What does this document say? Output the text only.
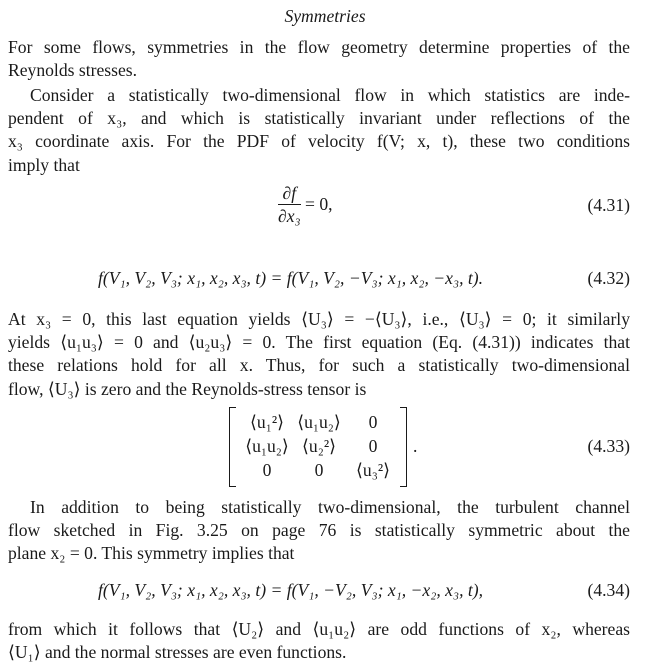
Symmetries

For some flows, symmetries in the flow geometry determine properties of the
Reynolds stresses.

Consider a statistically two-dimensional flow in which statistics are inde-
pendent of x₃, and which is statistically invariant under reflections of the
x₃ coordinate axis. For the PDF of velocity f(V; x, t), these two conditions
imply that

$\frac{\partial f}{\text{∂x₃}} = 0$,	(4.31)
f(V₁, V₂, V₃; x₁, x₂, x₃, t) = f(V₁, V₂, −V₃; x₁, x₂, −x₃, t).	(4.32)

At x₃ = 0, this last equation yields ⟨U₃⟩ = −⟨U₃⟩, i.e., ⟨U₃⟩ = 0; it similarly
yields ⟨u₁u₃⟩ = 0 and ⟨u₂u₃⟩ = 0. The first equation (Eq. (4.31)) indicates that
these relations hold for all x. Thus, for such a statistically two-dimensional
flow, ⟨U₃⟩ is zero and the Reynolds-stress tensor is

⟨u₁²⟩ ⟨u₁u₂⟩	0
⟨u₁u₂⟩ ⟨u₂²⟩	0
0	0	⟨u₃²⟩
.	(4.33)

In addition to being statistically two-dimensional, the turbulent channel
flow sketched in Fig. 3.25 on page 76 is statistically symmetric about the
plane x₂ = 0. This symmetry implies that

f(V₁, V₂, V₃; x₁, x₂, x₃, t) = f(V₁, −V₂, V₃; x₁, −x₂, x₃, t),	(4.34)

from which it follows that ⟨U₂⟩ and ⟨u₁u₂⟩ are odd functions of x₂, whereas
⟨U₁⟩ and the normal stresses are even functions.
